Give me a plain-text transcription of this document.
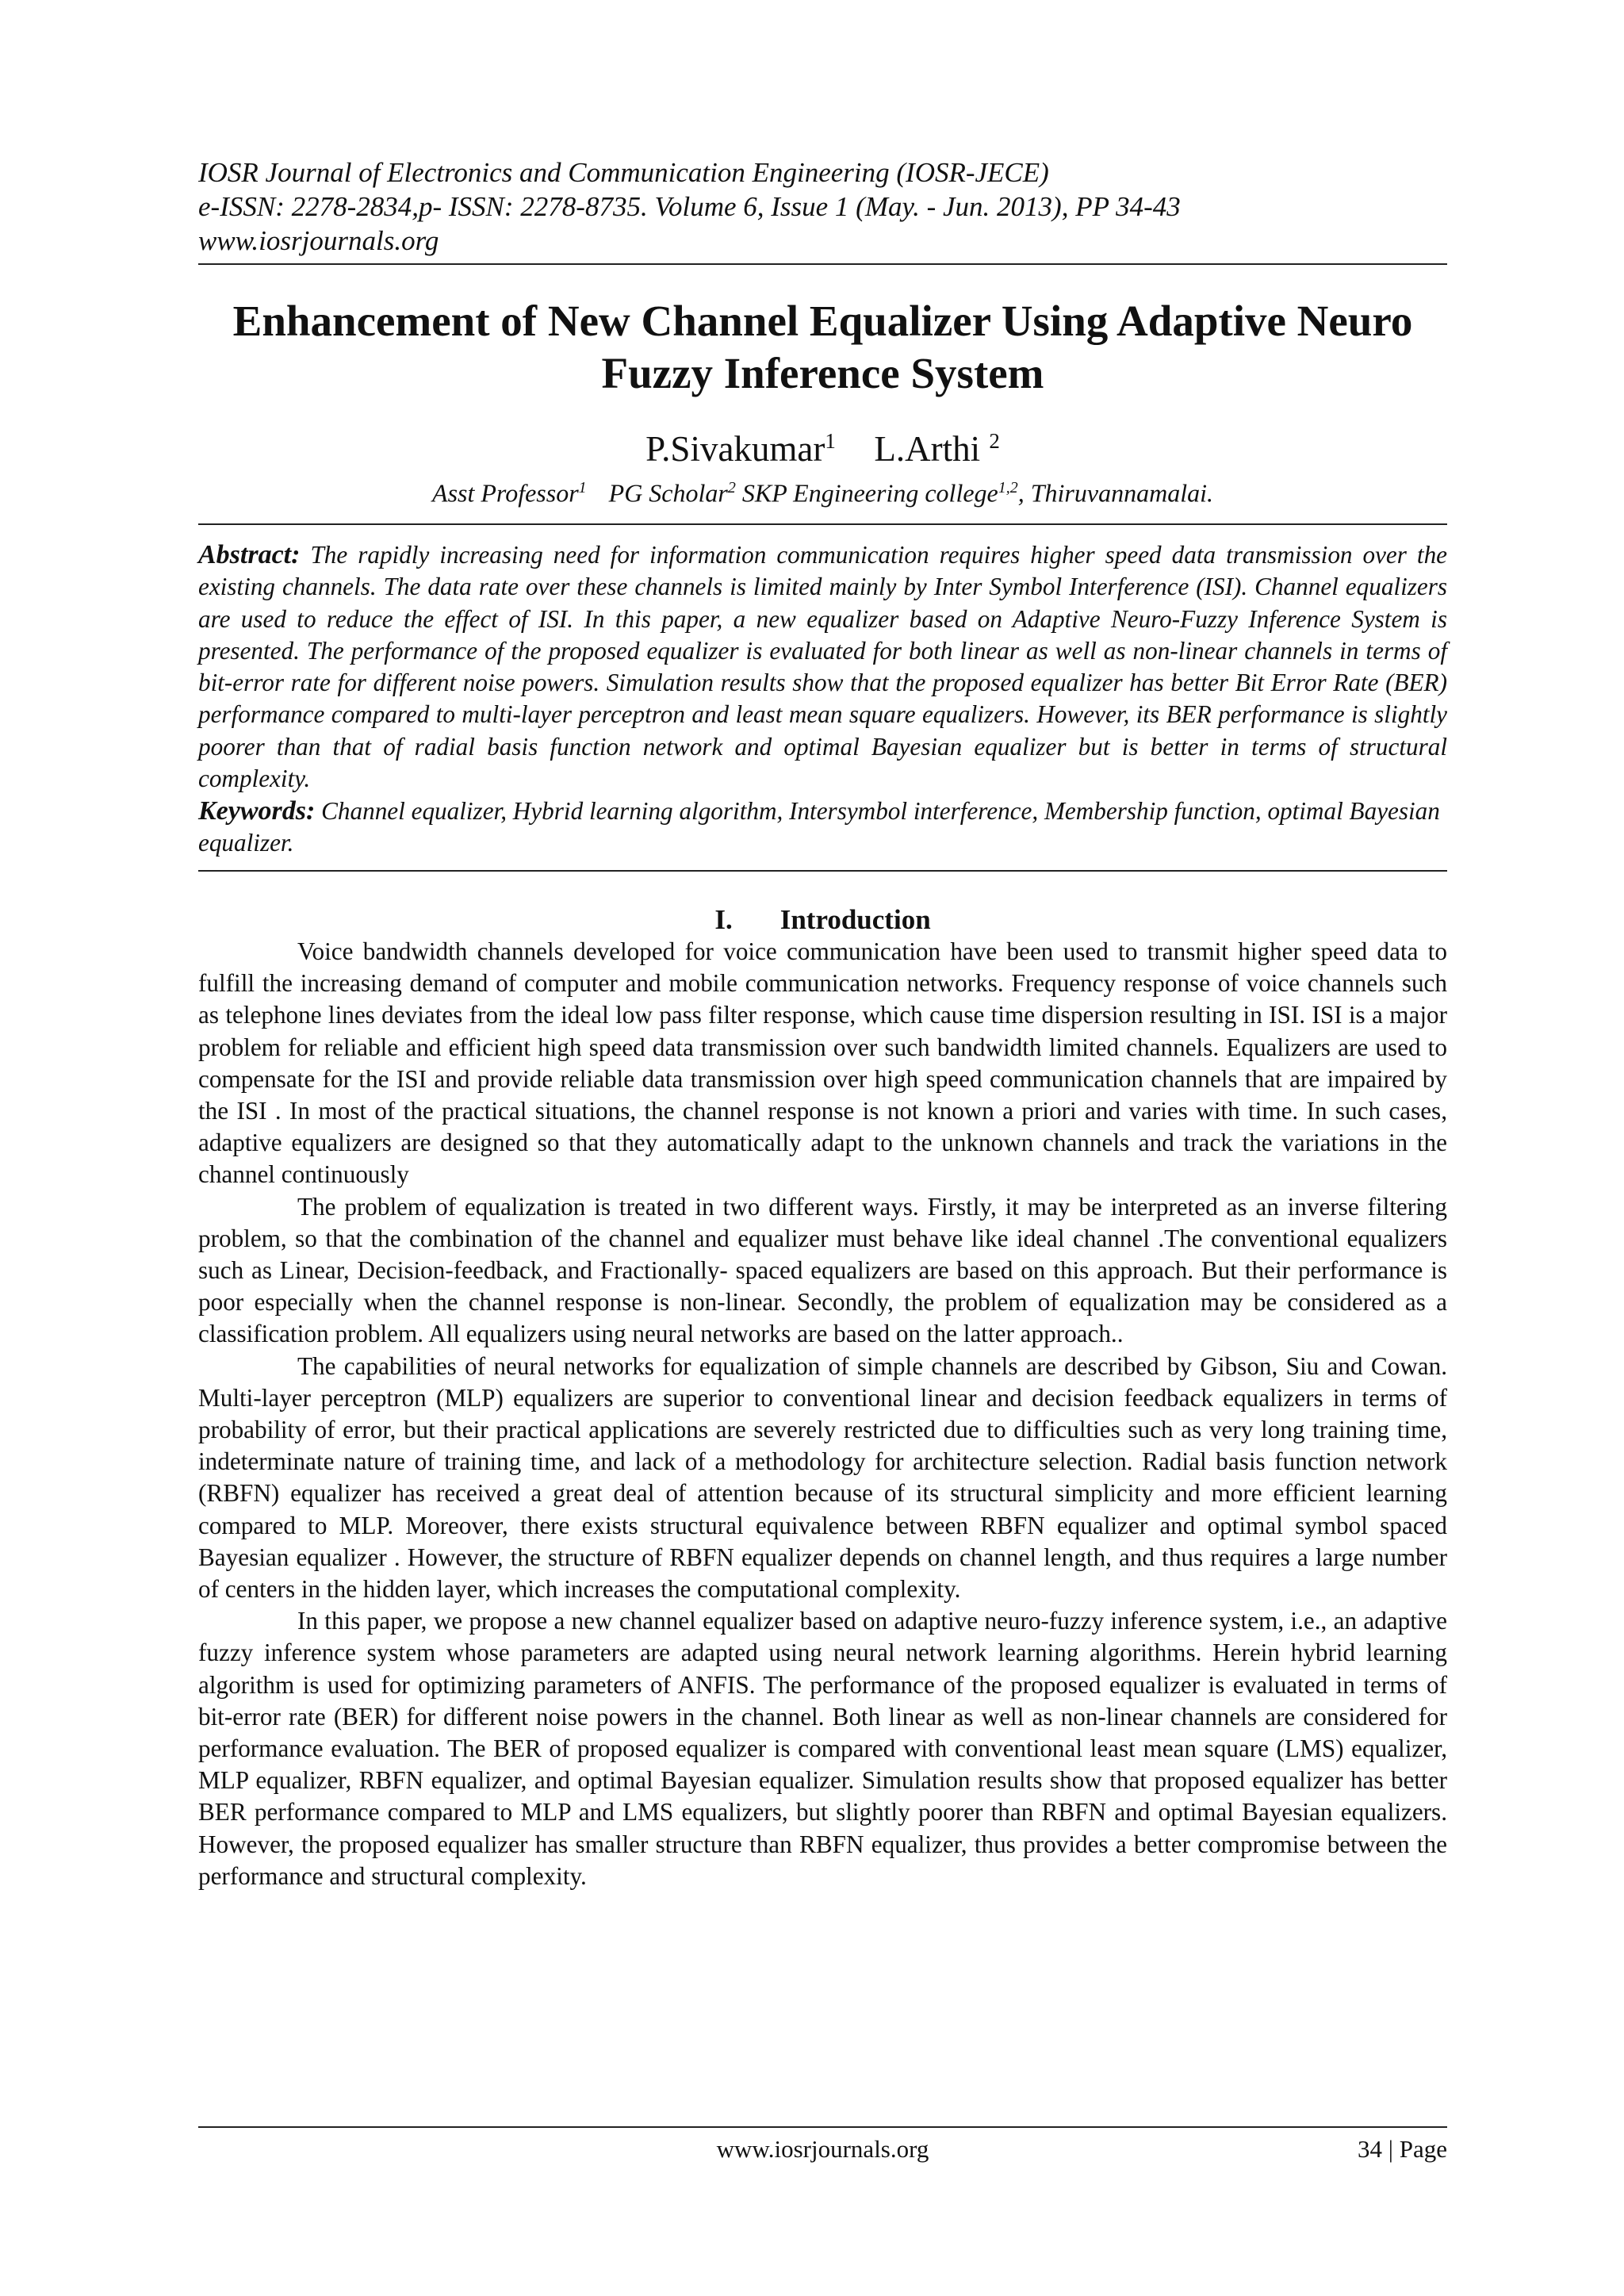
IOSR Journal of Electronics and Communication Engineering (IOSR-JECE)
e-ISSN: 2278-2834,p- ISSN: 2278-8735. Volume 6, Issue 1 (May. - Jun. 2013), PP 34-43
www.iosrjournals.org
Enhancement of New Channel Equalizer Using Adaptive Neuro
Fuzzy Inference System
P.Sivakumar$^1$ L.Arthi $^2$
Asst Professor$^1$ PG Scholar$^2$ SKP Engineering college$^{1,2}$, Thiruvannamalai.
Abstract: The rapidly increasing need for information communication requires higher speed data transmission over the existing channels. The data rate over these channels is limited mainly by Inter Symbol Interference (ISI). Channel equalizers are used to reduce the effect of ISI. In this paper, a new equalizer based on Adaptive Neuro-Fuzzy Inference System is presented. The performance of the proposed equalizer is evaluated for both linear as well as non-linear channels in terms of bit-error rate for different noise powers. Simulation results show that the proposed equalizer has better Bit Error Rate (BER) performance compared to multi-layer perceptron and least mean square equalizers. However, its BER performance is slightly poorer than that of radial basis function network and optimal Bayesian equalizer but is better in terms of structural complexity.
Keywords: Channel equalizer, Hybrid learning algorithm, Intersymbol interference, Membership function, optimal Bayesian equalizer.
I. Introduction

Voice bandwidth channels developed for voice communication have been used to transmit higher speed data to fulfill the increasing demand of computer and mobile communication networks. Frequency response of voice channels such as telephone lines deviates from the ideal low pass filter response, which cause time dispersion resulting in ISI. ISI is a major problem for reliable and efficient high speed data transmission over such bandwidth limited channels. Equalizers are used to compensate for the ISI and provide reliable data transmission over high speed communication channels that are impaired by the ISI . In most of the practical situations, the channel response is not known a priori and varies with time. In such cases, adaptive equalizers are designed so that they automatically adapt to the unknown channels and track the variations in the channel continuously

The problem of equalization is treated in two different ways. Firstly, it may be interpreted as an inverse filtering problem, so that the combination of the channel and equalizer must behave like ideal channel .The conventional equalizers such as Linear, Decision-feedback, and Fractionally- spaced equalizers are based on this approach. But their performance is poor especially when the channel response is non-linear. Secondly, the problem of equalization may be considered as a classification problem. All equalizers using neural networks are based on the latter approach..

The capabilities of neural networks for equalization of simple channels are described by Gibson, Siu and Cowan. Multi-layer perceptron (MLP) equalizers are superior to conventional linear and decision feedback equalizers in terms of probability of error, but their practical applications are severely restricted due to difficulties such as very long training time, indeterminate nature of training time, and lack of a methodology for architecture selection. Radial basis function network (RBFN) equalizer has received a great deal of attention because of its structural simplicity and more efficient learning compared to MLP. Moreover, there exists structural equivalence between RBFN equalizer and optimal symbol spaced Bayesian equalizer . However, the structure of RBFN equalizer depends on channel length, and thus requires a large number of centers in the hidden layer, which increases the computational complexity.

In this paper, we propose a new channel equalizer based on adaptive neuro-fuzzy inference system, i.e., an adaptive fuzzy inference system whose parameters are adapted using neural network learning algorithms. Herein hybrid learning algorithm is used for optimizing parameters of ANFIS. The performance of the proposed equalizer is evaluated in terms of bit-error rate (BER) for different noise powers in the channel. Both linear as well as non-linear channels are considered for performance evaluation. The BER of proposed equalizer is compared with conventional least mean square (LMS) equalizer, MLP equalizer, RBFN equalizer, and optimal Bayesian equalizer. Simulation results show that proposed equalizer has better BER performance compared to MLP and LMS equalizers, but slightly poorer than RBFN and optimal Bayesian equalizers. However, the proposed equalizer has smaller structure than RBFN equalizer, thus provides a better compromise between the performance and structural complexity.

www.iosrjournals.org	34 | Page
